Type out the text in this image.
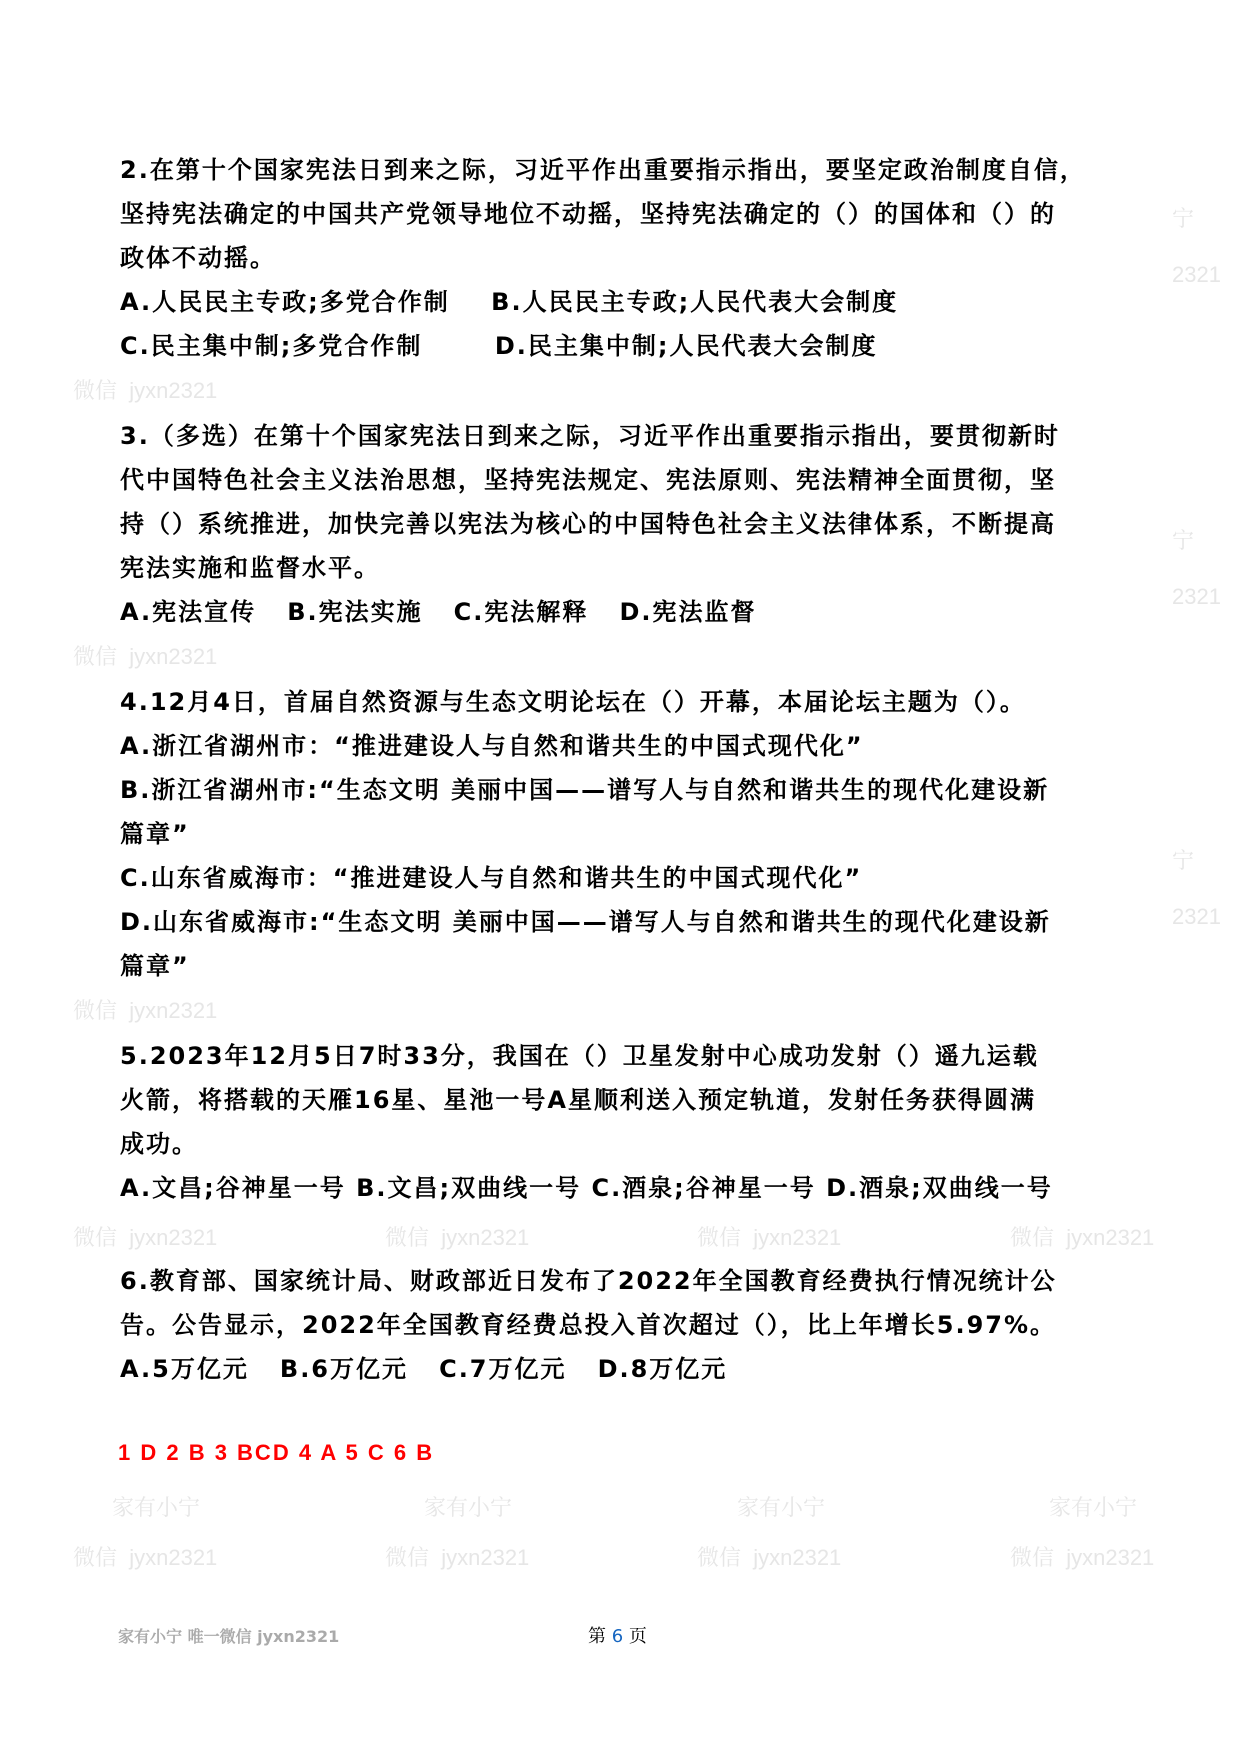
微信  jyxn2321	微信  jyxn2321	微信  jyxn2321	微信  jyxn2321
微信  jyxn2321	微信  jyxn2321	微信  jyxn2321	微信  jyxn2321
家有小宁	家有小宁	家有小宁	家有小宁
微信  jyxn2321
微信  jyxn2321
微信  jyxn2321
2321
2321
2321
宁
宁
宁
2.在第十个国家宪法日到来之际，习近平作出重要指示指出，要坚定政治制度自信，
坚持宪法确定的中国共产党领导地位不动摇，坚持宪法确定的（）的国体和（）的
政体不动摇。
A.人民民主专政;多党合作制    B.人民民主专政;人民代表大会制度
C.民主集中制;多党合作制       D.民主集中制;人民代表大会制度
3.（多选）在第十个国家宪法日到来之际，习近平作出重要指示指出，要贯彻新时
代中国特色社会主义法治思想，坚持宪法规定、宪法原则、宪法精神全面贯彻，坚
持（）系统推进，加快完善以宪法为核心的中国特色社会主义法律体系，不断提高
宪法实施和监督水平。
A.宪法宣传   B.宪法实施   C.宪法解释   D.宪法监督
4.12月4日，首届自然资源与生态文明论坛在（）开幕，本届论坛主题为（）。
A.浙江省湖州市：“推进建设人与自然和谐共生的中国式现代化”
B.浙江省湖州市:“生态文明 美丽中国——谱写人与自然和谐共生的现代化建设新
篇章”
C.山东省威海市：“推进建设人与自然和谐共生的中国式现代化”
D.山东省威海市:“生态文明 美丽中国——谱写人与自然和谐共生的现代化建设新
篇章”
5.2023年12月5日7时33分，我国在（）卫星发射中心成功发射（）遥九运载
火箭，将搭载的天雁16星、星池一号A星顺利送入预定轨道，发射任务获得圆满
成功。
A.文昌;谷神星一号 B.文昌;双曲线一号 C.酒泉;谷神星一号 D.酒泉;双曲线一号
6.教育部、国家统计局、财政部近日发布了2022年全国教育经费执行情况统计公
告。公告显示，2022年全国教育经费总投入首次超过（），比上年增长5.97%。
A.5万亿元   B.6万亿元   C.7万亿元   D.8万亿元
1 D 2 B 3 BCD 4 A 5 C 6 B
家有小宁 唯一微信 jyxn2321	第 6 页
